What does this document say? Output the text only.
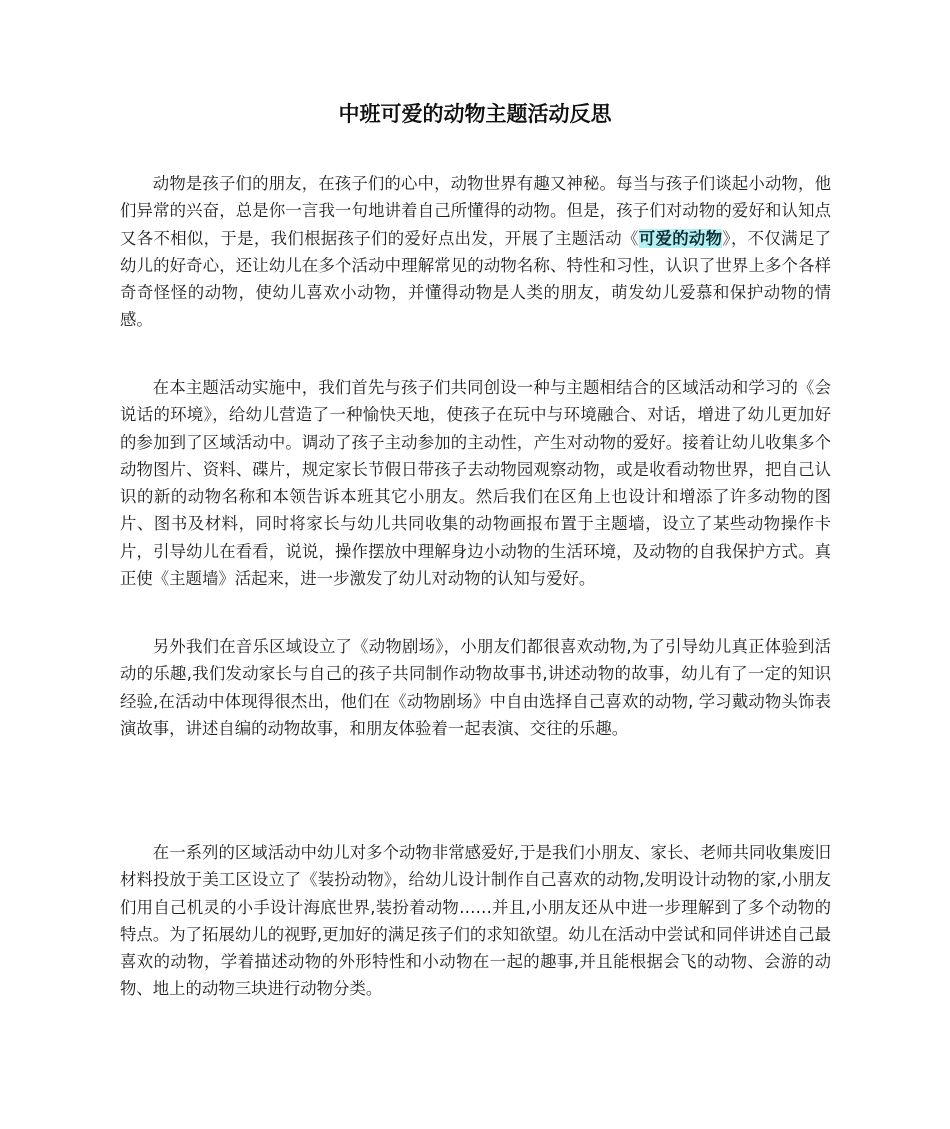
中班可爱的动物主题活动反思

动物是孩子们的朋友，在孩子们的心中，动物世界有趣又神秘。每当与孩子们谈起小动物，他们异常的兴奋，总是你一言我一句地讲着自己所懂得的动物。但是，孩子们对动物的爱好和认知点又各不相似，于是，我们根据孩子们的爱好点出发，开展了主题活动《可爱的动物》，不仅满足了幼儿的好奇心，还让幼儿在多个活动中理解常见的动物名称、特性和习性，认识了世界上多个各样奇奇怪怪的动物，使幼儿喜欢小动物，并懂得动物是人类的朋友，萌发幼儿爱慕和保护动物的情感。

在本主题活动实施中，我们首先与孩子们共同创设一种与主题相结合的区域活动和学习的《会说话的环境》，给幼儿营造了一种愉快天地，使孩子在玩中与环境融合、对话，增进了幼儿更加好的参加到了区域活动中。调动了孩子主动参加的主动性，产生对动物的爱好。接着让幼儿收集多个动物图片、资料、碟片，规定家长节假日带孩子去动物园观察动物，或是收看动物世界，把自己认识的新的动物名称和本领告诉本班其它小朋友。然后我们在区角上也设计和增添了许多动物的图片、图书及材料，同时将家长与幼儿共同收集的动物画报布置于主题墙，设立了某些动物操作卡片，引导幼儿在看看，说说，操作摆放中理解身边小动物的生活环境，及动物的自我保护方式。真正使《主题墙》活起来，进一步激发了幼儿对动物的认知与爱好。

另外我们在音乐区域设立了《动物剧场》，小朋友们都很喜欢动物,为了引导幼儿真正体验到活动的乐趣,我们发动家长与自己的孩子共同制作动物故事书,讲述动物的故事，幼儿有了一定的知识经验,在活动中体现得很杰出，他们在《动物剧场》中自由选择自己喜欢的动物, 学习戴动物头饰表演故事，讲述自编的动物故事，和朋友体验着一起表演、交往的乐趣。

在一系列的区域活动中幼儿对多个动物非常感爱好,于是我们小朋友、家长、老师共同收集废旧材料投放于美工区设立了《装扮动物》，给幼儿设计制作自己喜欢的动物,发明设计动物的家,小朋友们用自己机灵的小手设计海底世界,装扮着动物……并且,小朋友还从中进一步理解到了多个动物的特点。为了拓展幼儿的视野,更加好的满足孩子们的求知欲望。幼儿在活动中尝试和同伴讲述自己最喜欢的动物，学着描述动物的外形特性和小动物在一起的趣事,并且能根据会飞的动物、会游的动物、地上的动物三块进行动物分类。
